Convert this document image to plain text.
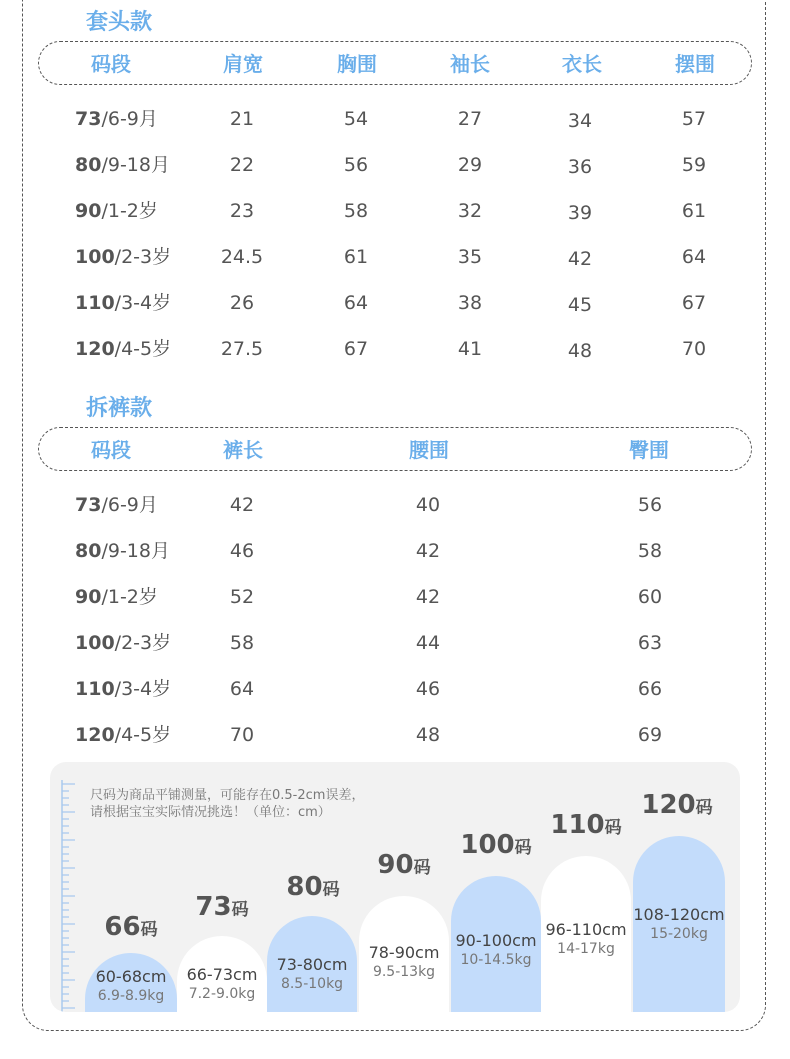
套头款
码段	肩宽	胸围	袖长	衣长	摆围
73/6-9月	21	54	27	34	57
80/9-18月	22	56	29	36	59
90/1-2岁	23	58	32	39	61
100/2-3岁	24.5	61	35	42	64
110/3-4岁	26	64	38	45	67
120/4-5岁	27.5	67	41	48	70
拆裤款
码段	裤长	腰围	臀围
73/6-9月	42	40	56
80/9-18月	46	42	58
90/1-2岁	52	42	60
100/2-3岁	58	44	63
110/3-4岁	64	46	66
120/4-5岁	70	48	69
尺码为商品平铺测量，可能存在0.5-2cm误差，
请根据宝宝实际情况挑选！（单位：cm）
66码
60-68cm
6.9-8.9kg
73码
66-73cm
7.2-9.0kg
80码
73-80cm
8.5-10kg
90码
78-90cm
9.5-13kg
100码
90-100cm
10-14.5kg
110码
96-110cm
14-17kg
120码
108-120cm
15-20kg
